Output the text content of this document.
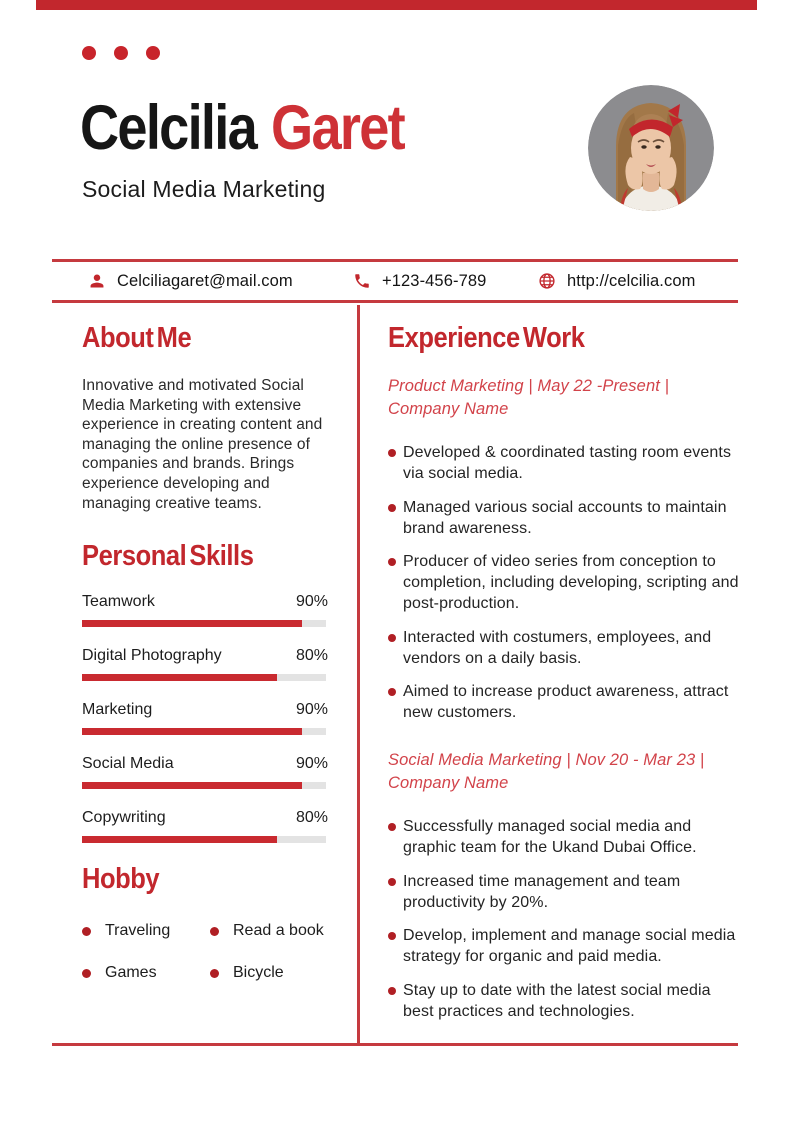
Celcilia Garet
Social Media Marketing
Celciliagaret@mail.com	+123-456-789	http://celcilia.com
About Me

Innovative and motivated Social Media Marketing with extensive experience in creating content and managing the online presence of companies and brands. Brings experience developing and managing creative teams.

Personal Skills
Teamwork	90%
Digital Photography	80%
Marketing	90%
Social Media	90%
Copywriting	80%
Hobby
Traveling	Read a book
Games	Bicycle
Experience Work

Product Marketing | May 22 -Present | Company Name

Developed & coordinated tasting room events via social media.
Managed various social accounts to maintain brand awareness.
Producer of video series from conception to completion, including developing, scripting and post-production.
Interacted with costumers, employees, and vendors on a daily basis.
Aimed to increase product awareness, attract new customers.

Social Media Marketing | Nov 20 - Mar 23 | Company Name

Successfully managed social media and graphic team for the Ukand Dubai Office.
Increased time management and team productivity by 20%.
Develop, implement and manage social media strategy for organic and paid media.
Stay up to date with the latest social media best practices and technologies.
